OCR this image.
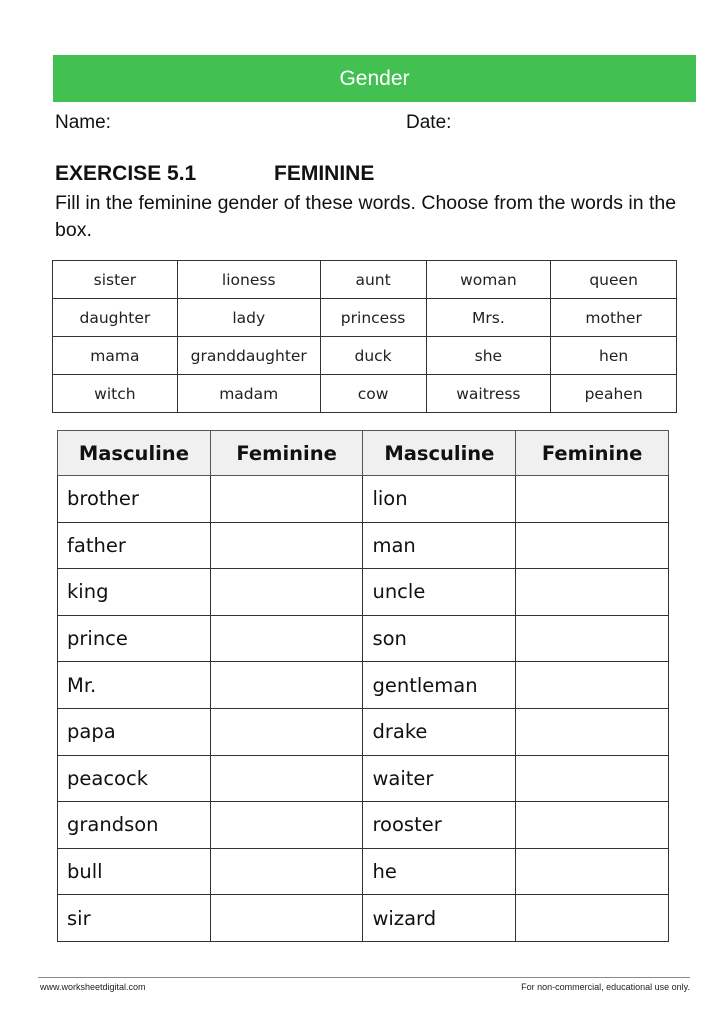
Gender
Name:	Date:
EXERCISE 5.1	FEMININE
Fill in the feminine gender of these words. Choose from the words in the box.
sister	lioness	aunt	woman	queen
daughter	lady	princess	Mrs.	mother
mama	granddaughter	duck	she	hen
witch	madam	cow	waitress	peahen
Masculine	Feminine	Masculine	Feminine
brother		lion	
father		man	
king		uncle	
prince		son	
Mr.		gentleman	
papa		drake	
peacock		waiter	
grandson		rooster	
bull		he	
sir		wizard	
www.worksheetdigital.com	For non-commercial, educational use only.
